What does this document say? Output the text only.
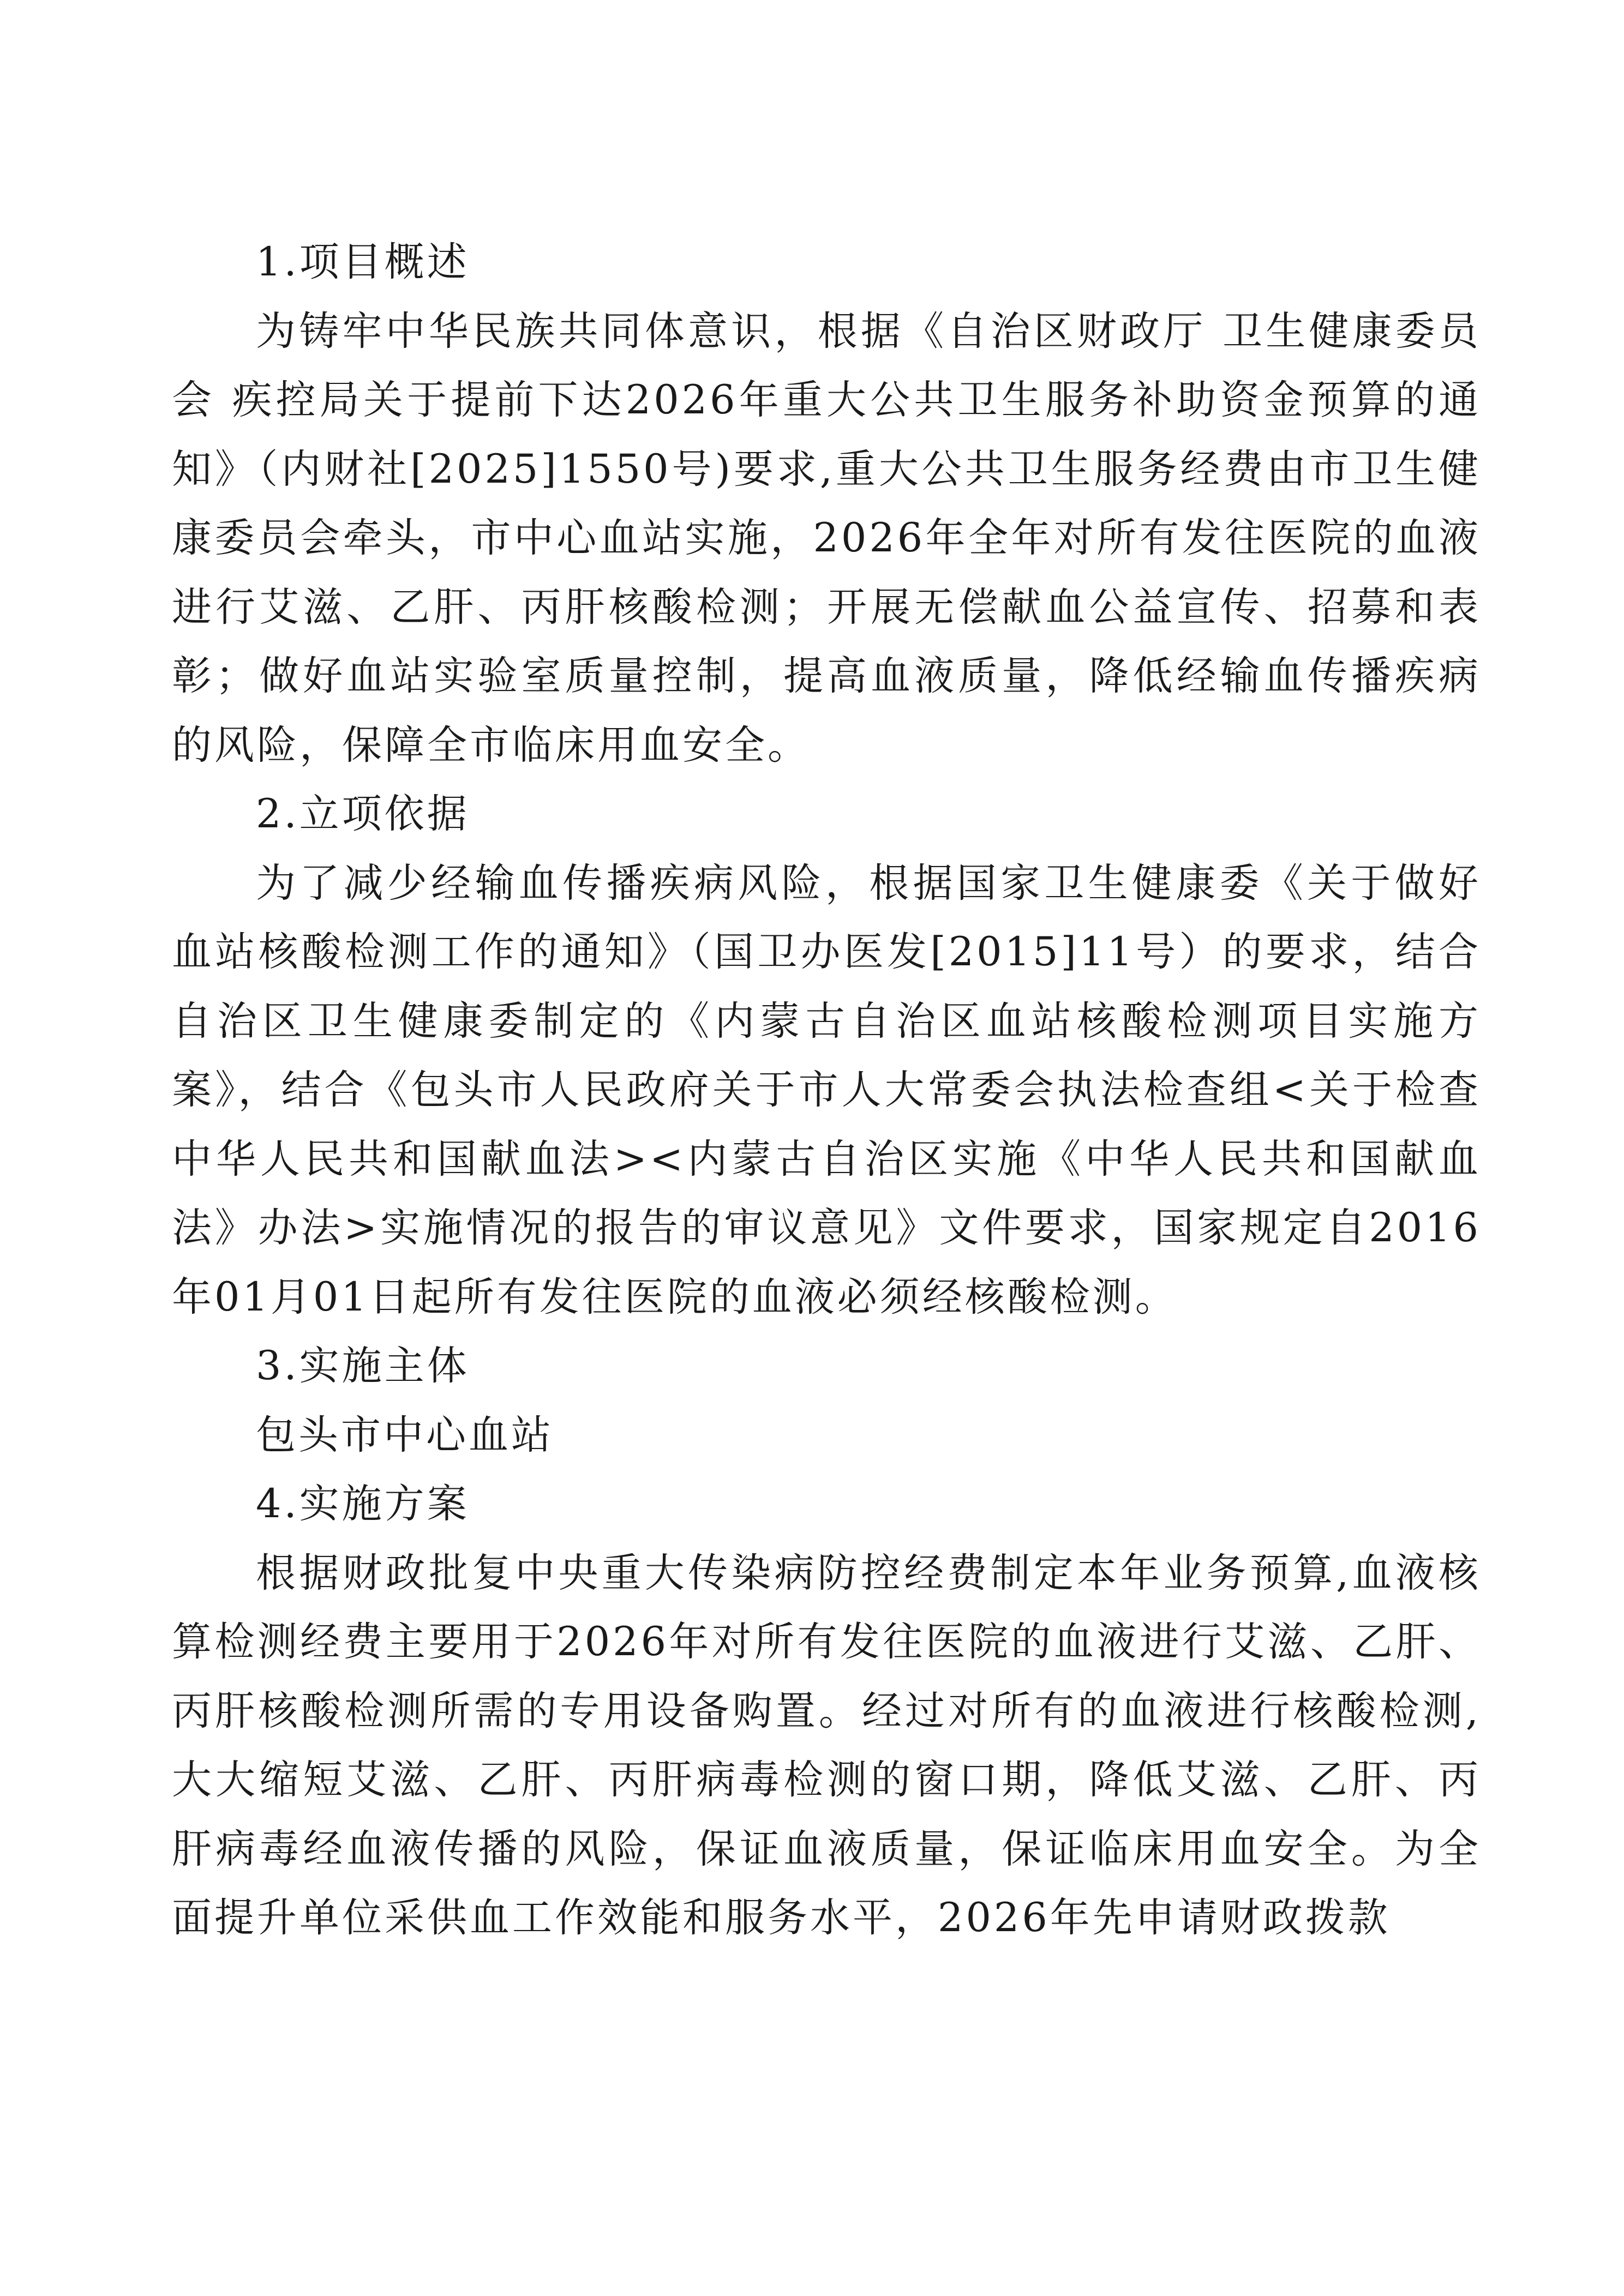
1.项目概述

为铸牢中华民族共同体意识，根据《自治区财政厅 卫生健康委员会 疾控局关于提前下达2026年重大公共卫生服务补助资金预算的通知》（内财社[2025]1550号)要求,重大公共卫生服务经费由市卫生健康委员会牵头，市中心血站实施，2026年全年对所有发往医院的血液进行艾滋、乙肝、丙肝核酸检测；开展无偿献血公益宣传、招募和表彰；做好血站实验室质量控制，提高血液质量，降低经输血传播疾病的风险，保障全市临床用血安全。

2.立项依据

为了减少经输血传播疾病风险，根据国家卫生健康委《关于做好血站核酸检测工作的通知》（国卫办医发[2015]11号）的要求，结合自治区卫生健康委制定的《内蒙古自治区血站核酸检测项目实施方案》，结合《包头市人民政府关于市人大常委会执法检查组<关于检查中华人民共和国献血法><内蒙古自治区实施《中华人民共和国献血法》办法>实施情况的报告的审议意见》文件要求，国家规定自2016年01月01日起所有发往医院的血液必须经核酸检测。

3.实施主体

包头市中心血站

4.实施方案

根据财政批复中央重大传染病防控经费制定本年业务预算,血液核算检测经费主要用于2026年对所有发往医院的血液进行艾滋、乙肝、丙肝核酸检测所需的专用设备购置。经过对所有的血液进行核酸检测,大大缩短艾滋、乙肝、丙肝病毒检测的窗口期，降低艾滋、乙肝、丙肝病毒经血液传播的风险，保证血液质量，保证临床用血安全。为全面提升单位采供血工作效能和服务水平，2026年先申请财政拨款
